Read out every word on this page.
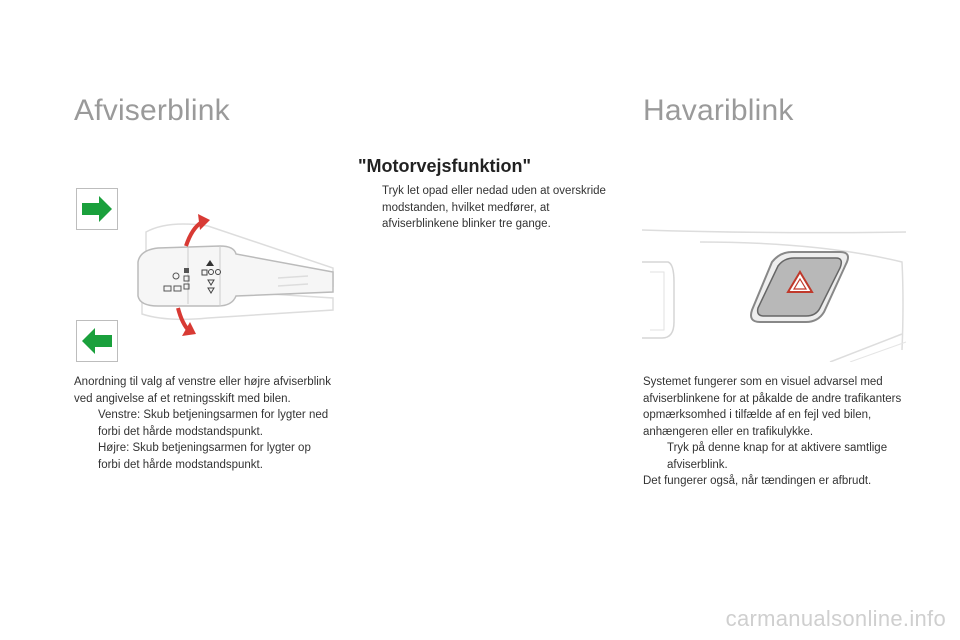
Afviserblink	Havariblink
"Motorvejsfunktion"
Tryk let opad eller nedad uden at overskride modstanden, hvilket medfører, at afviserblinkene blinker tre gange.

Anordning til valg af venstre eller højre afviserblink ved angivelse af et retningsskift med bilen.

Venstre: Skub betjeningsarmen for lygter ned forbi det hårde modstandspunkt.
Højre: Skub betjeningsarmen for lygter op forbi det hårde modstandspunkt.

Systemet fungerer som en visuel advarsel med afviserblinkene for at påkalde de andre trafikanters opmærksomhed i tilfælde af en fejl ved bilen, anhængeren eller en trafikulykke.

Tryk på denne knap for at aktivere samtlige afviserblink.

Det fungerer også, når tændingen er afbrudt.

carmanualsonline.info
